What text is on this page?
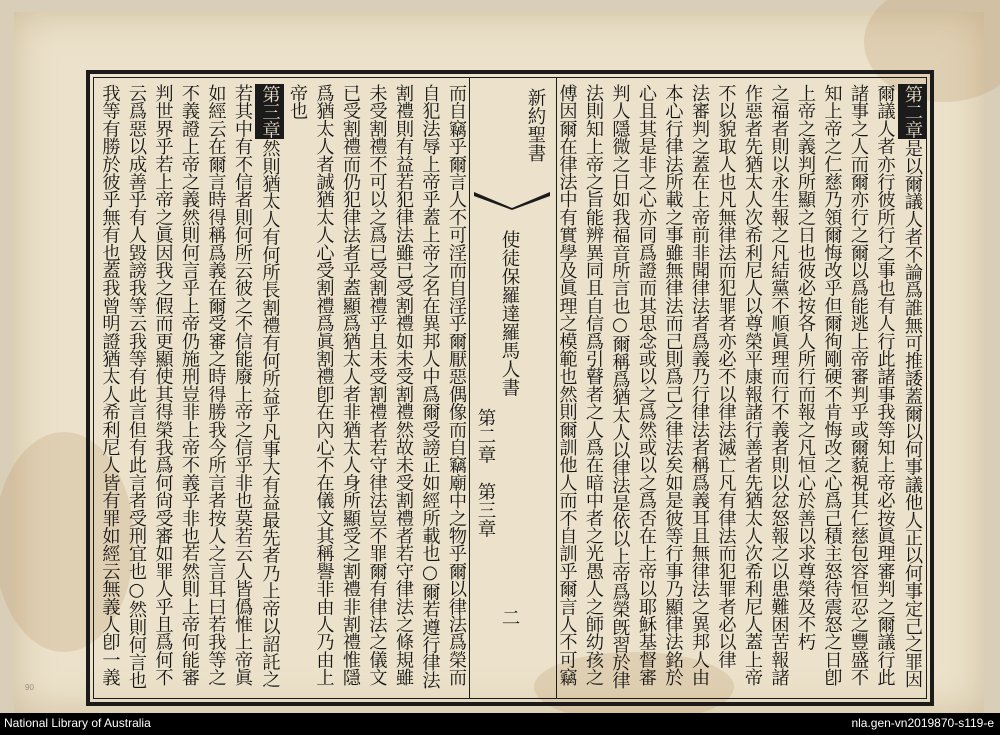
第二章是以爾議人者不論爲誰無可推諉蓋爾以何事議他人正以何事定己之罪因
爾議人者亦行彼所行之事也有人行此諸事我等知上帝必按眞理審判之爾議行此
諸事之人而爾亦行之爾以爲能逃上帝審判乎或爾藐視其仁慈包容恒忍之豐盛不
知上帝之仁慈乃領爾悔改乎但爾徇剛硬不肯悔改之心爲己積主怒待震怒之日卽
上帝之義判所顯之日也彼必按各人所行而報之凡恒心於善以求尊榮及不朽
之福者則以永生報之凡結黨不順眞理而行不義者則以忿怒報之以患難困苦報諸
作惡者先猶太人次希利尼人以尊榮平康報諸行善者先猶太人次希利尼人蓋上帝
不以貌取人也凡無律法而犯罪者亦必不以律法滅亡凡有律法而犯罪者必以律
法審判之蓋在上帝前非聞律法者爲義乃行律法者稱爲義耳且無律法之異邦人由
本心行律法所載之事雖無律法而己則爲己之律法矣如是彼等行事乃顯律法銘於
心且其是非之心亦同爲證而其思念或以之爲然或以之爲否在上帝以耶穌基督審
判人隱微之日如我福音所言也○爾稱爲猶太人以律法是依以上帝爲榮旣習於律
法則知上帝之旨能辨異同且自信爲引瞽者之人爲在暗中者之光愚人之師幼孩之
傅因爾在律法中有實學及眞理之模範也然則爾訓他人而不自訓乎爾言人不可竊
新約聖書
使徒保羅達羅馬人書
第二章　第三章
二
而自竊乎爾言人不可淫而自淫乎爾厭惡偶像而自竊廟中之物乎爾以律法爲榮而
自犯法辱上帝乎蓋上帝之名在異邦人中爲爾受謗正如經所載也○爾若遵行律法
割禮則有益若犯律法雖已受割禮如未受割禮然故未受割禮者若守律法之條規雖
未受割禮不可以之爲已受割禮乎且未受割禮者若守律法豈不罪爾有律法之儀文
已受割禮而仍犯律法者乎蓋顯爲猶太人者非猶太人身所顯受之割禮非割禮惟隱
爲猶太人者誠猶太人心受割禮爲眞割禮卽在內心不在儀文其稱譽非由人乃由上
帝也
第三章然則猶太人有何所長割禮有何所益乎凡事大有益最先者乃上帝以詔託之
若其中有不信者則何所云彼之不信能廢上帝之信乎非也莫若云人皆僞惟上帝眞
如經云在爾言時得稱爲義在爾受審之時得勝我今所言者按人之言耳曰若我等之
不義證上帝之義然則何言乎上帝仍施刑豈非上帝不義乎非也若然則上帝何能審
判世界乎若上帝之眞因我之假而更顯使其得榮我爲何尙受審如罪人乎且爲何不
云爲惡以成善乎有人毀謗我等云我等有此言但有此言者受刑宜也○然則何言也
我等有勝於彼乎無有也蓋我曾明證猶太人希利尼人皆有罪如經云無義人卽一義
90
National Library of Australia	nla.gen-vn2019870-s119-e
